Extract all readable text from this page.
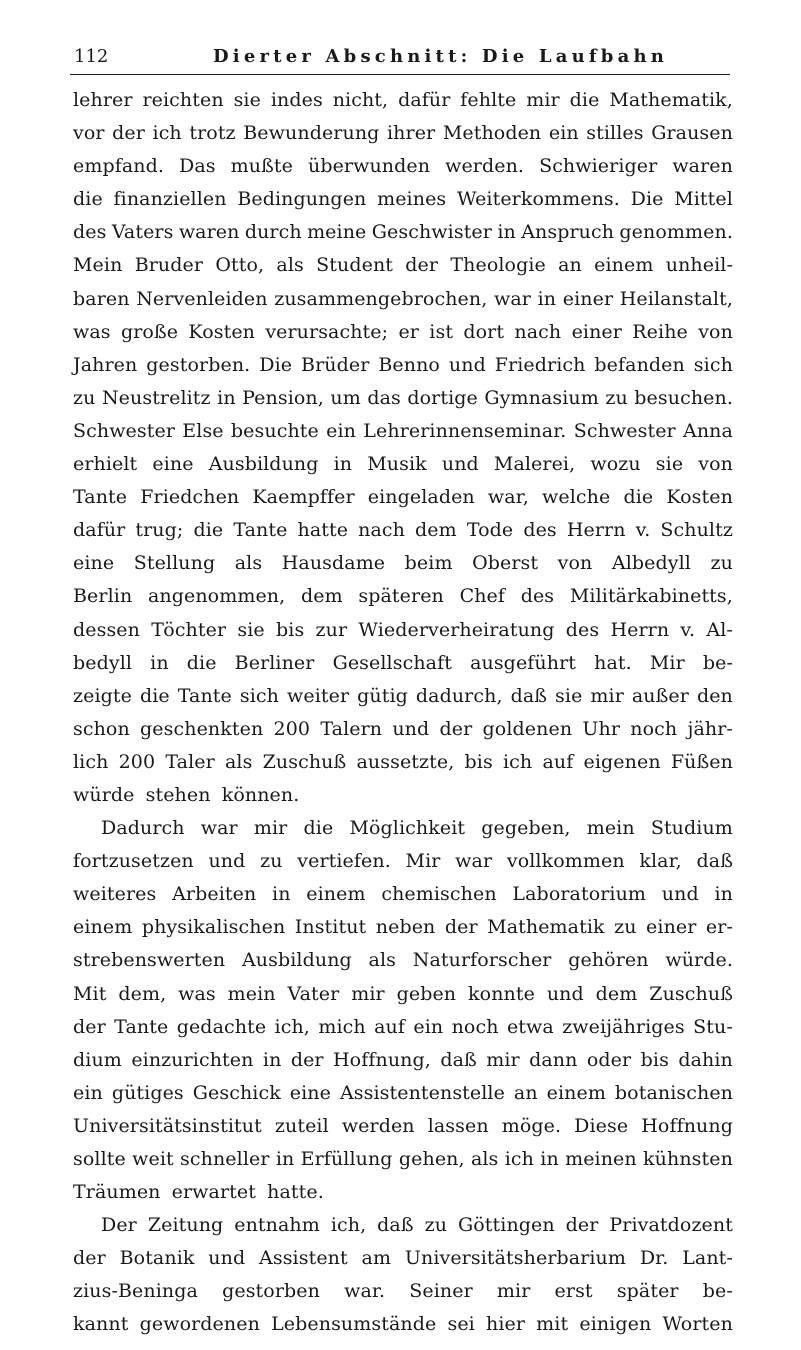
112	Dierter Abschnitt: Die Laufbahn
lehrer reichten sie indes nicht, dafür fehlte mir die Mathematik,
vor der ich trotz Bewunderung ihrer Methoden ein stilles Grausen
empfand. Das mußte überwunden werden. Schwieriger waren
die finanziellen Bedingungen meines Weiterkommens. Die Mittel
des Vaters waren durch meine Geschwister in Anspruch genommen.
Mein Bruder Otto, als Student der Theologie an einem unheil-
baren Nervenleiden zusammengebrochen, war in einer Heilanstalt,
was große Kosten verursachte; er ist dort nach einer Reihe von
Jahren gestorben. Die Brüder Benno und Friedrich befanden sich
zu Neustrelitz in Pension, um das dortige Gymnasium zu besuchen.
Schwester Else besuchte ein Lehrerinnenseminar. Schwester Anna
erhielt eine Ausbildung in Musik und Malerei, wozu sie von
Tante Friedchen Kaempffer eingeladen war, welche die Kosten
dafür trug; die Tante hatte nach dem Tode des Herrn v. Schultz
eine Stellung als Hausdame beim Oberst von Albedyll zu
Berlin angenommen, dem späteren Chef des Militärkabinetts,
dessen Töchter sie bis zur Wiederverheiratung des Herrn v. Al-
bedyll in die Berliner Gesellschaft ausgeführt hat. Mir be-
zeigte die Tante sich weiter gütig dadurch, daß sie mir außer den
schon geschenkten 200 Talern und der goldenen Uhr noch jähr-
lich 200 Taler als Zuschuß aussetzte, bis ich auf eigenen Füßen
würde stehen können.
Dadurch war mir die Möglichkeit gegeben, mein Studium
fortzusetzen und zu vertiefen. Mir war vollkommen klar, daß
weiteres Arbeiten in einem chemischen Laboratorium und in
einem physikalischen Institut neben der Mathematik zu einer er-
strebenswerten Ausbildung als Naturforscher gehören würde.
Mit dem, was mein Vater mir geben konnte und dem Zuschuß
der Tante gedachte ich, mich auf ein noch etwa zweijähriges Stu-
dium einzurichten in der Hoffnung, daß mir dann oder bis dahin
ein gütiges Geschick eine Assistentenstelle an einem botanischen
Universitätsinstitut zuteil werden lassen möge. Diese Hoffnung
sollte weit schneller in Erfüllung gehen, als ich in meinen kühnsten
Träumen erwartet hatte.
Der Zeitung entnahm ich, daß zu Göttingen der Privatdozent
der Botanik und Assistent am Universitätsherbarium Dr. Lant-
zius-Beninga gestorben war. Seiner mir erst später be-
kannt gewordenen Lebensumstände sei hier mit einigen Worten
